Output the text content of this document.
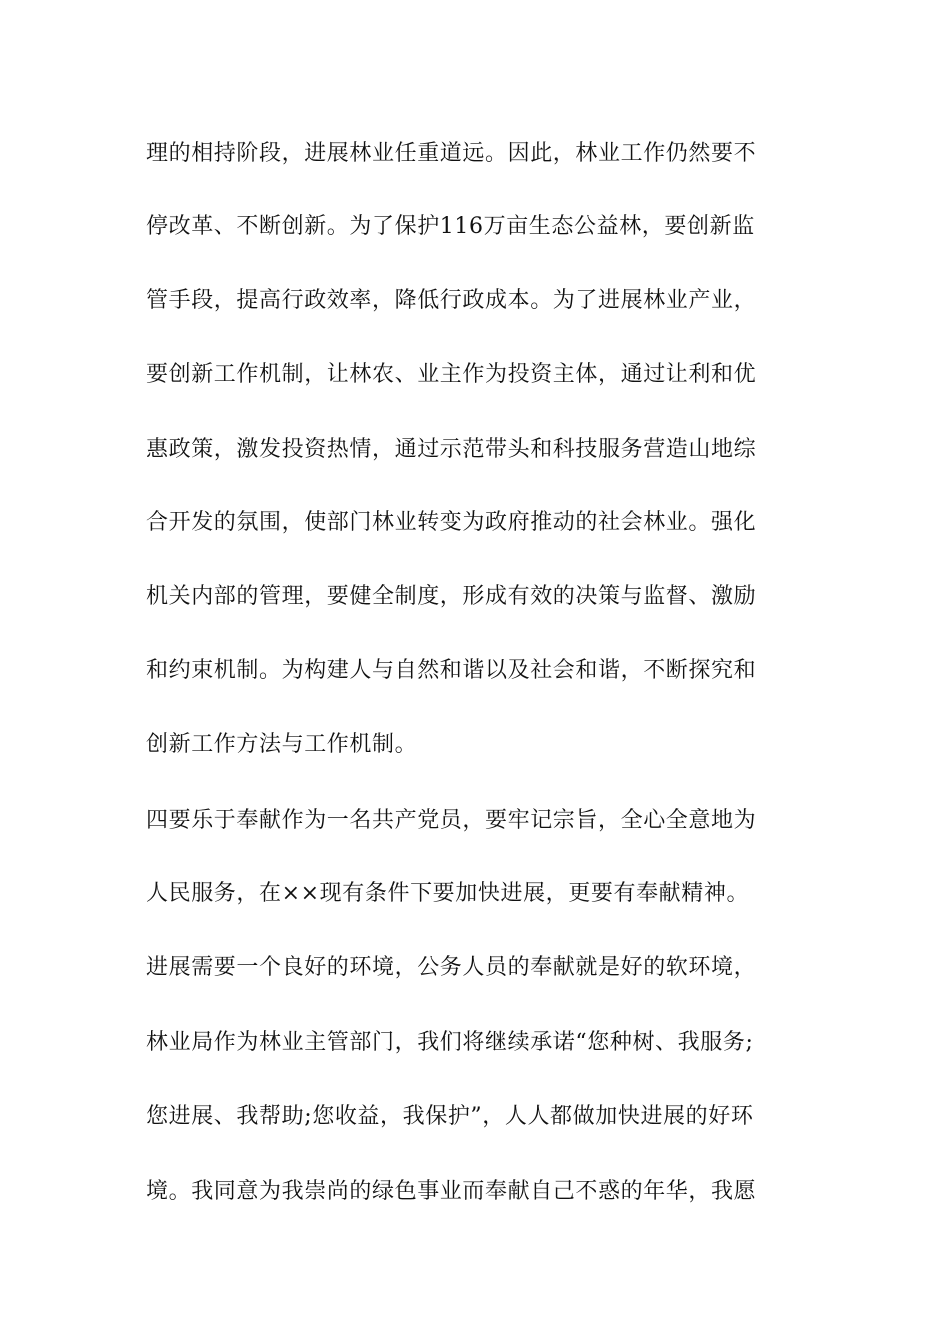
理的相持阶段，进展林业任重道远。因此，林业工作仍然要不
停改革、不断创新。为了保护116万亩生态公益林，要创新监
管手段，提高行政效率，降低行政成本。为了进展林业产业，
要创新工作机制，让林农、业主作为投资主体，通过让利和优
惠政策，激发投资热情，通过示范带头和科技服务营造山地综
合开发的氛围，使部门林业转变为政府推动的社会林业。强化
机关内部的管理，要健全制度，形成有效的决策与监督、激励
和约束机制。为构建人与自然和谐以及社会和谐，不断探究和
创新工作方法与工作机制。
四要乐于奉献作为一名共产党员，要牢记宗旨，全心全意地为
人民服务，在××现有条件下要加快进展，更要有奉献精神。
进展需要一个良好的环境，公务人员的奉献就是好的软环境，
林业局作为林业主管部门，我们将继续承诺“您种树、我服务;
您进展、我帮助;您收益，我保护”，人人都做加快进展的好环
境。我同意为我崇尚的绿色事业而奉献自己不惑的年华，我愿
